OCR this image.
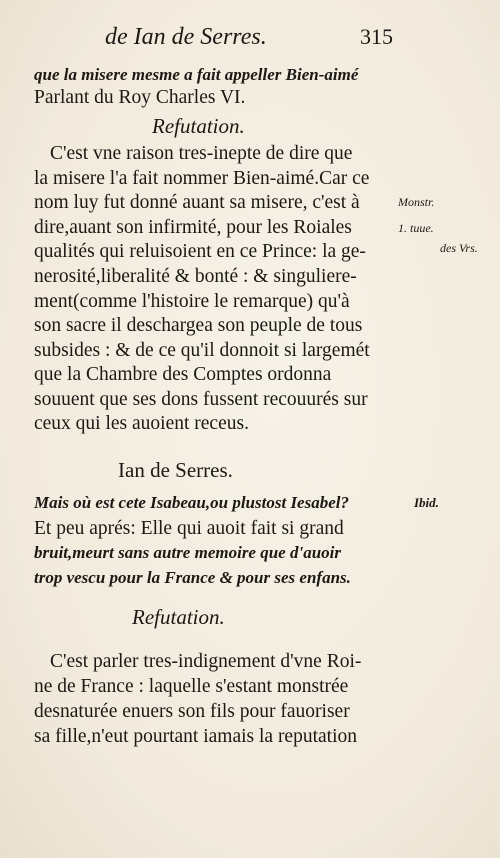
de Ian de Serres.	315
que la misere mesme a fait appeller Bien-aimé
Parlant du Roy Charles VI.
Refutation.
C'est vne raison tres-inepte de dire que
la misere l'a fait nommer Bien-aimé.Car ce
nom luy fut donné auant sa misere, c'est à
dire,auant son infirmité, pour les Roiales
qualités qui reluisoient en ce Prince: la ge-
nerosité,liberalité & bonté : & singuliere-
ment(comme l'histoire le remarque) qu'à
son sacre il deschargea son peuple de tous
subsides : & de ce qu'il donnoit si largemét
que la Chambre des Comptes ordonna
souuent que ses dons fussent recouurés sur
ceux qui les auoient receus.
Monstr.
1. tuue.
des Vrs.
Ian de Serres.
Mais où est cete Isabeau,ou plustost Iesabel?	Ibid.
Et peu aprés: Elle qui auoit fait si grand
bruit,meurt sans autre memoire que d'auoir
trop vescu pour la France & pour ses enfans.
Refutation.
C'est parler tres-indignement d'vne Roi-
ne de France : laquelle s'estant monstrée
desnaturée enuers son fils pour fauoriser
sa fille,n'eut pourtant iamais la reputation
